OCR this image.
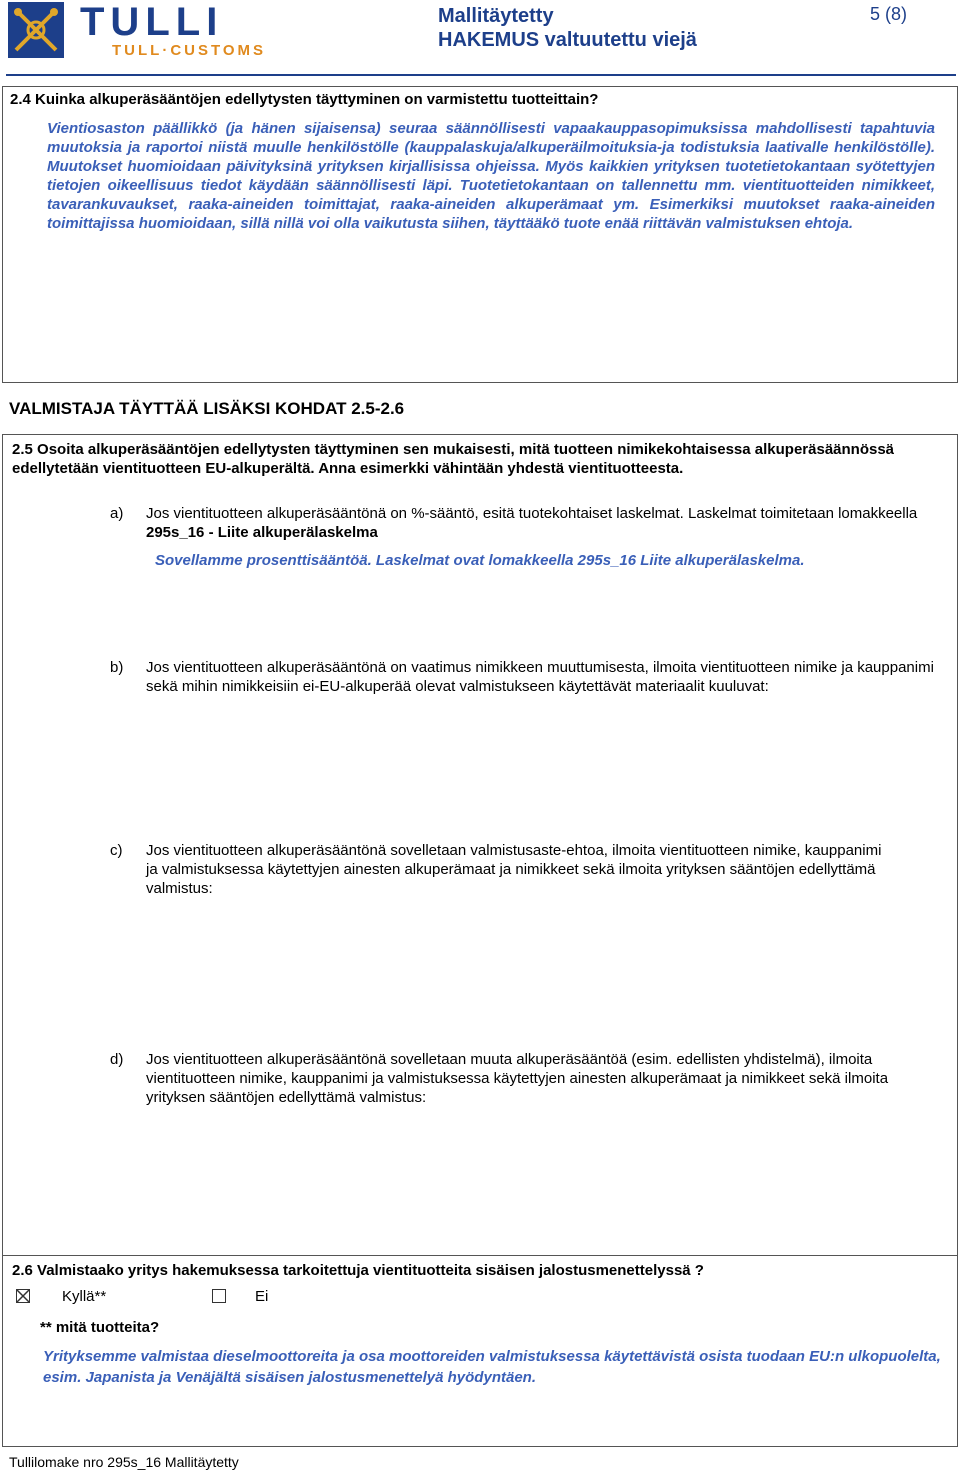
TULLI
TULL·CUSTOMS
Mallitäytetty
HAKEMUS valtuutettu viejä
5 (8)
2.4 Kuinka alkuperäsääntöjen edellytysten täyttyminen on varmistettu tuotteittain?
Vientiosaston päällikkö (ja hänen sijaisensa) seuraa säännöllisesti vapaakauppasopimuksissa mahdollisesti tapahtuvia muutoksia ja raportoi niistä muulle henkilöstölle (kauppalaskuja/alkuperäilmoituksia-ja todistuksia laativalle henkilöstölle). Muutokset huomioidaan päivityksinä yrityksen kirjallisissa ohjeissa. Myös kaikkien yrityksen tuotetietokantaan syötettyjen tietojen oikeellisuus tiedot käydään säännöllisesti läpi. Tuotetietokantaan on tallennettu mm. vientituotteiden nimikkeet, tavarankuvaukset, raaka-aineiden toimittajat, raaka-aineiden alkuperämaat ym. Esimerkiksi muutokset raaka-aineiden toimittajissa huomioidaan, sillä nillä voi olla vaikutusta siihen, täyttääkö tuote enää riittävän valmistuksen ehtoja.
VALMISTAJA TÄYTTÄÄ LISÄKSI KOHDAT 2.5-2.6
2.5 Osoita alkuperäsääntöjen edellytysten täyttyminen sen mukaisesti, mitä tuotteen nimikekohtaisessa alkuperäsäännössä edellytetään vientituotteen EU-alkuperältä. Anna esimerkki vähintään yhdestä vientituotteesta.
a) Jos vientituotteen alkuperäsääntönä on %-sääntö, esitä tuotekohtaiset laskelmat. Laskelmat toimitetaan lomakkeella 295s_16 - Liite alkuperälaskelma
Sovellamme prosenttisääntöä. Laskelmat ovat lomakkeella 295s_16 Liite alkuperälaskelma.
b) Jos vientituotteen alkuperäsääntönä on vaatimus nimikkeen muuttumisesta, ilmoita vientituotteen nimike ja kauppanimi sekä mihin nimikkeisiin ei-EU-alkuperää olevat valmistukseen käytettävät materiaalit kuuluvat:
c) Jos vientituotteen alkuperäsääntönä sovelletaan valmistusaste-ehtoa, ilmoita vientituotteen nimike, kauppanimi ja valmistuksessa käytettyjen ainesten alkuperämaat ja nimikkeet sekä ilmoita yrityksen sääntöjen edellyttämä valmistus:
d) Jos vientituotteen alkuperäsääntönä sovelletaan muuta alkuperäsääntöä (esim. edellisten yhdistelmä), ilmoita vientituotteen nimike, kauppanimi ja valmistuksessa käytettyjen ainesten alkuperämaat ja nimikkeet sekä ilmoita yrityksen sääntöjen edellyttämä valmistus:
2.6 Valmistaako yritys hakemuksessa tarkoitettuja vientituotteita sisäisen jalostusmenettelyssä ?
Kyllä**	Ei
** mitä tuotteita?
Yrityksemme valmistaa dieselmoottoreita ja osa moottoreiden valmistuksessa käytettävistä osista tuodaan EU:n ulkopuolelta, esim. Japanista ja Venäjältä sisäisen jalostusmenettelyä hyödyntäen.
Tullilomake nro 295s_16 Mallitäytetty
